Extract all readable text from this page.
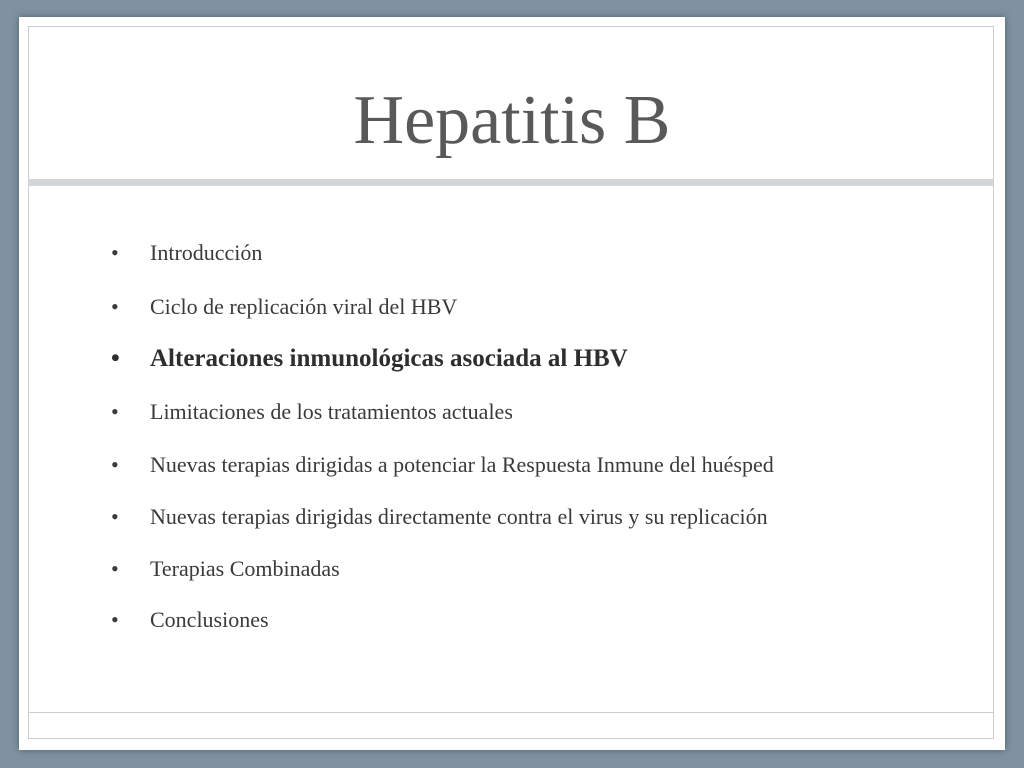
Hepatitis B
• Introducción
• Ciclo de replicación viral del HBV
• Alteraciones inmunológicas asociada al HBV
• Limitaciones de los tratamientos actuales
• Nuevas terapias dirigidas a potenciar la Respuesta Inmune del huésped
• Nuevas terapias dirigidas directamente contra el virus y su replicación
• Terapias Combinadas
• Conclusiones
